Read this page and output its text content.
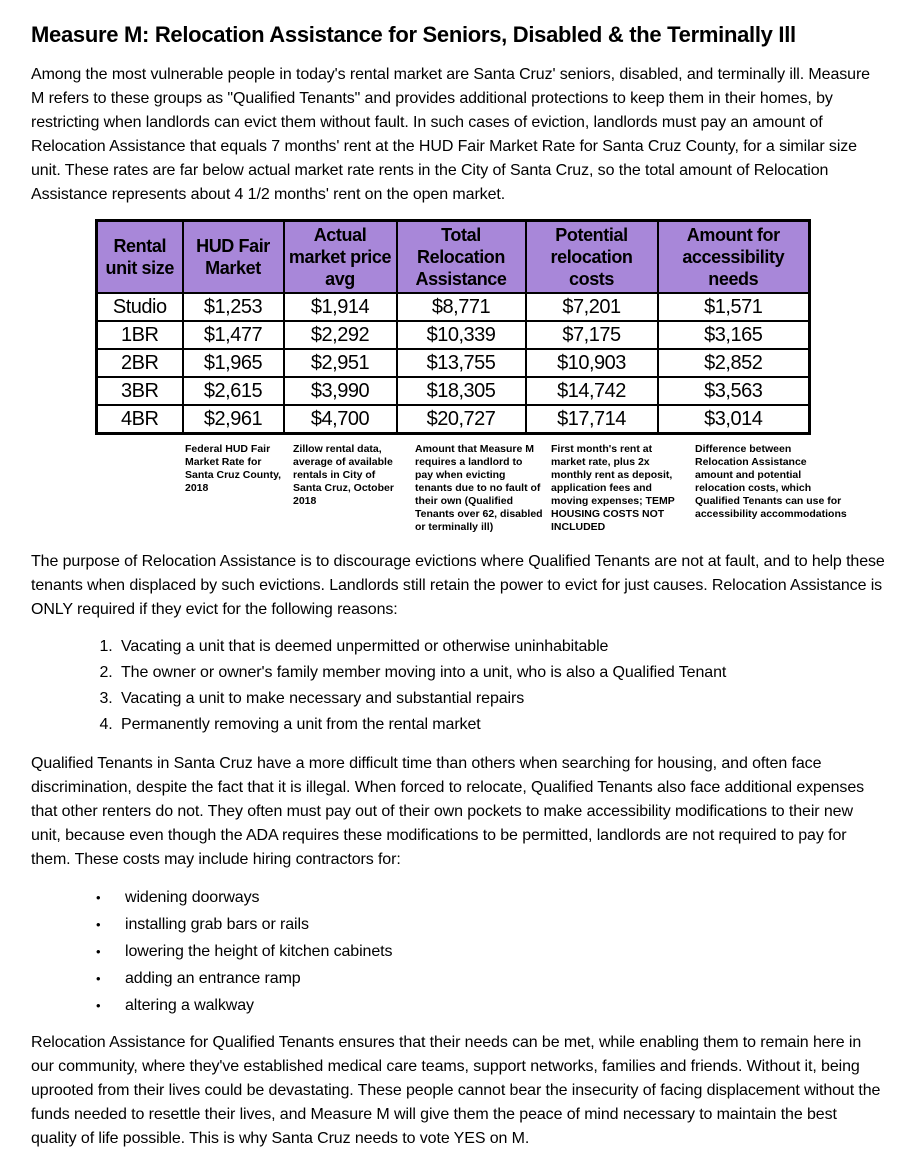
Measure M: Relocation Assistance for Seniors, Disabled & the Terminally Ill

Among the most vulnerable people in today's rental market are Santa Cruz' seniors, disabled, and terminally ill. Measure M refers to these groups as "Qualified Tenants" and provides additional protections to keep them in their homes, by restricting when landlords can evict them without fault. In such cases of eviction, landlords must pay an amount of Relocation Assistance that equals 7 months' rent at the HUD Fair Market Rate for Santa Cruz County, for a similar size unit. These rates are far below actual market rate rents in the City of Santa Cruz, so the total amount of Relocation Assistance represents about 4 1/2 months' rent on the open market.

Rental unit size	HUD Fair Market	Actual market price avg	Total Relocation Assistance	Potential relocation costs	Amount for accessibility needs
Studio	$1,253	$1,914	$8,771	$7,201	$1,571
1BR	$1,477	$2,292	$10,339	$7,175	$3,165
2BR	$1,965	$2,951	$13,755	$10,903	$2,852
3BR	$2,615	$3,990	$18,305	$14,742	$3,563
4BR	$2,961	$4,700	$20,727	$17,714	$3,014
Federal HUD Fair Market Rate for Santa Cruz County, 2018
Zillow rental data, average of available rentals in City of Santa Cruz, October 2018
Amount that Measure M requires a landlord to pay when evicting tenants due to no fault of their own (Qualified Tenants over 62, disabled or terminally ill)
First month's rent at market rate, plus 2x monthly rent as deposit, application fees and moving expenses; TEMP HOUSING COSTS NOT INCLUDED
Difference between Relocation Assistance amount and potential relocation costs, which Qualified Tenants can use for accessibility accommodations

The purpose of Relocation Assistance is to discourage evictions where Qualified Tenants are not at fault, and to help these tenants when displaced by such evictions. Landlords still retain the power to evict for just causes. Relocation Assistance is ONLY required if they evict for the following reasons:

1. Vacating a unit that is deemed unpermitted or otherwise uninhabitable
2. The owner or owner's family member moving into a unit, who is also a Qualified Tenant
3. Vacating a unit to make necessary and substantial repairs
4. Permanently removing a unit from the rental market

Qualified Tenants in Santa Cruz have a more difficult time than others when searching for housing, and often face discrimination, despite the fact that it is illegal. When forced to relocate, Qualified Tenants also face additional expenses that other renters do not. They often must pay out of their own pockets to make accessibility modifications to their new unit, because even though the ADA requires these modifications to be permitted, landlords are not required to pay for them. These costs may include hiring contractors for:

• widening doorways
• installing grab bars or rails
• lowering the height of kitchen cabinets
• adding an entrance ramp
• altering a walkway

Relocation Assistance for Qualified Tenants ensures that their needs can be met, while enabling them to remain here in our community, where they've established medical care teams, support networks, families and friends. Without it, being uprooted from their lives could be devastating. These people cannot bear the insecurity of facing displacement without the funds needed to resettle their lives, and Measure M will give them the peace of mind necessary to maintain the best quality of life possible. This is why Santa Cruz needs to vote YES on M.
